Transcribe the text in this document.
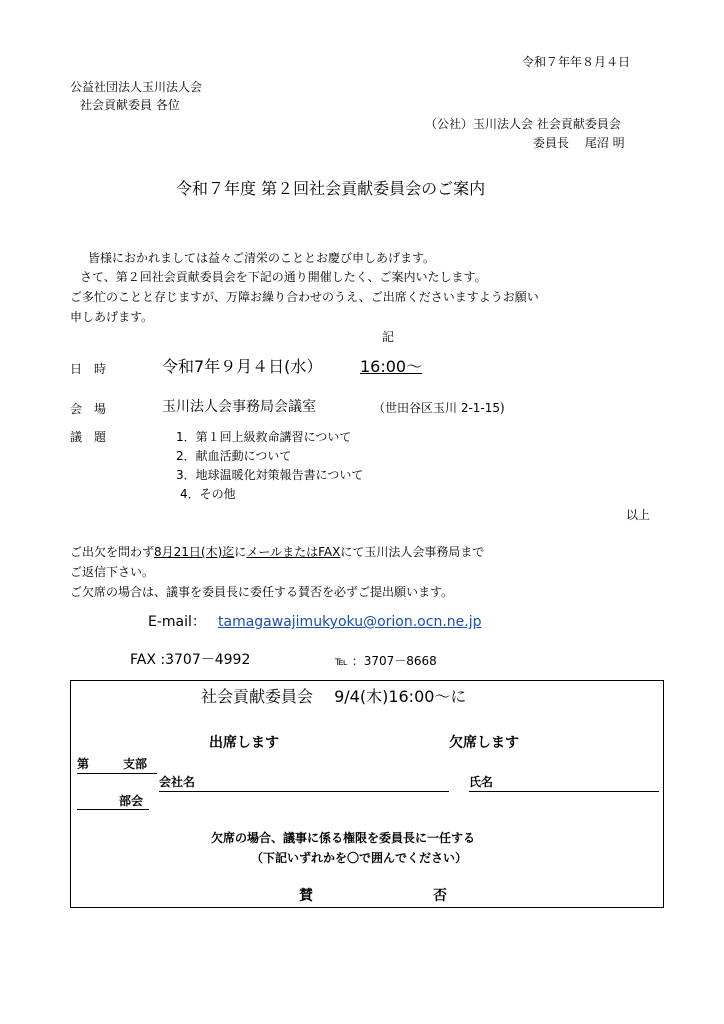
令和７年年８月４日
公益社団法人玉川法人会
社会貢献委員 各位
（公社）玉川法人会 社会貢献委員会
委員長　 尾沼 明
令和７年度 第２回社会貢献委員会のご案内
皆様におかれましては益々ご清栄のこととお慶び申しあげます。
さて、第２回社会貢献委員会を下記の通り開催したく、ご案内いたします。
ご多忙のことと存じますが、万障お繰り合わせのうえ、ご出席くださいますようお願い
申しあげます。
記
日　時	令和7年９月４日(水） 16:00～
会　場	玉川法人会事務局会議室	（世田谷区玉川 2-1-15)
議　題	1．第１回上級救命講習について
2．献血活動について
3．地球温暖化対策報告書について
4．その他
以上
ご出欠を問わず8月21日(木)迄にメールまたはFAXにて玉川法人会事務局まで
ご返信下さい。
ご欠席の場合は、議事を委員長に委任する賛否を必ずご提出願います。
E-mail： tamagawajimukyoku@orion.ocn.ne.jp
FAX :3707－4992	℡ ：3707－8668
社会貢献委員会　 9/4(木)16:00～に
出席します	欠席します
第	支部
会社名	氏名
部会
欠席の場合、議事に係る権限を委員長に一任する
（下記いずれかを〇で囲んでください）
賛	否
